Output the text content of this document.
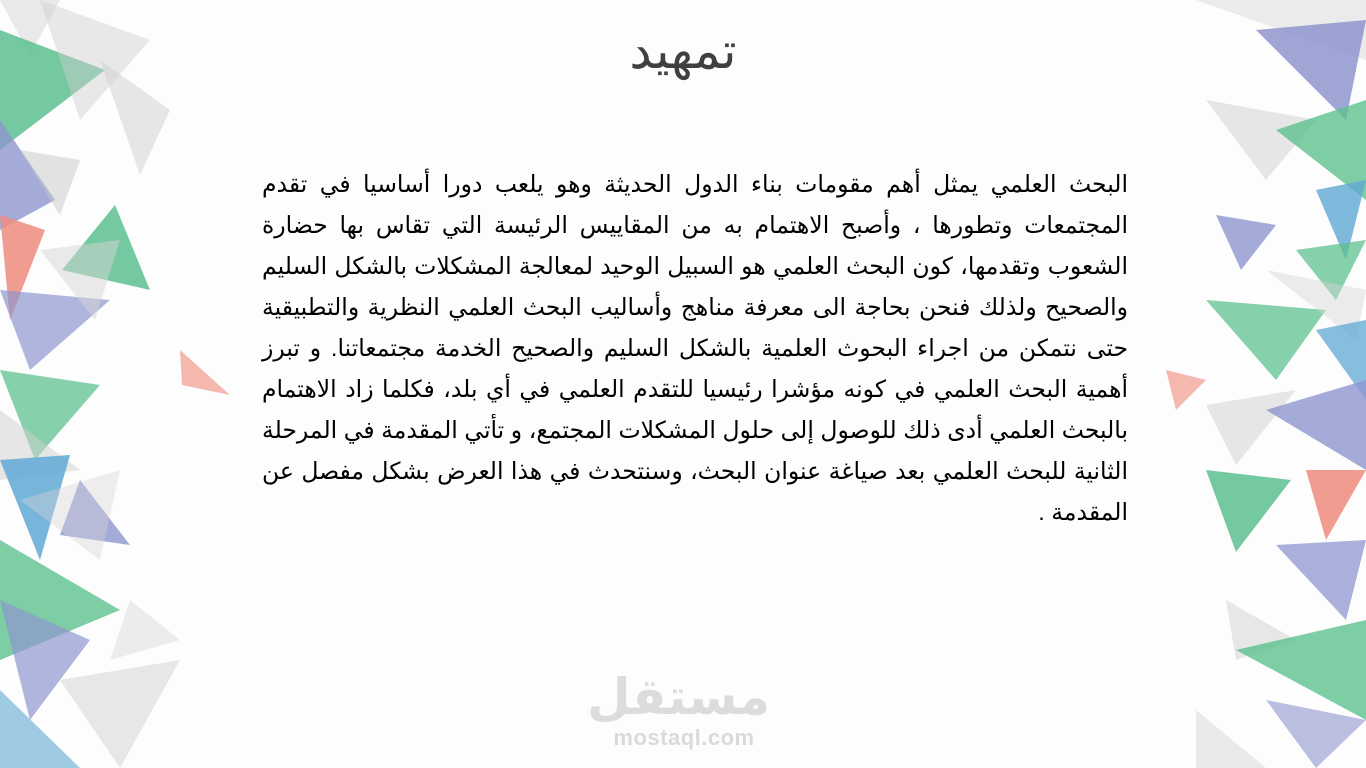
تمهيد

البحث العلمي يمثل أهم مقومات بناء الدول الحديثة وهو يلعب دورا أساسيا في تقدم المجتمعات وتطورها ، وأصبح الاهتمام به من المقاييس الرئيسة التي تقاس بها حضارة الشعوب وتقدمها، كون البحث العلمي هو السبيل الوحيد لمعالجة المشكلات بالشكل السليم والصحيح ولذلك فنحن بحاجة الى معرفة مناهج وأساليب البحث العلمي النظرية والتطبيقية حتى نتمكن من اجراء البحوث العلمية بالشكل السليم والصحيح الخدمة مجتمعاتنا. و تبرز أهمية البحث العلمي في كونه مؤشرا رئيسيا للتقدم العلمي في أي بلد، فكلما زاد الاهتمام بالبحث العلمي أدى ذلك للوصول إلى حلول المشكلات المجتمع، و تأتي المقدمة في المرحلة الثانية للبحث العلمي بعد صياغة عنوان البحث، وسنتحدث في هذا العرض بشكل مفصل عن المقدمة .

مستقل
mostaql.com
